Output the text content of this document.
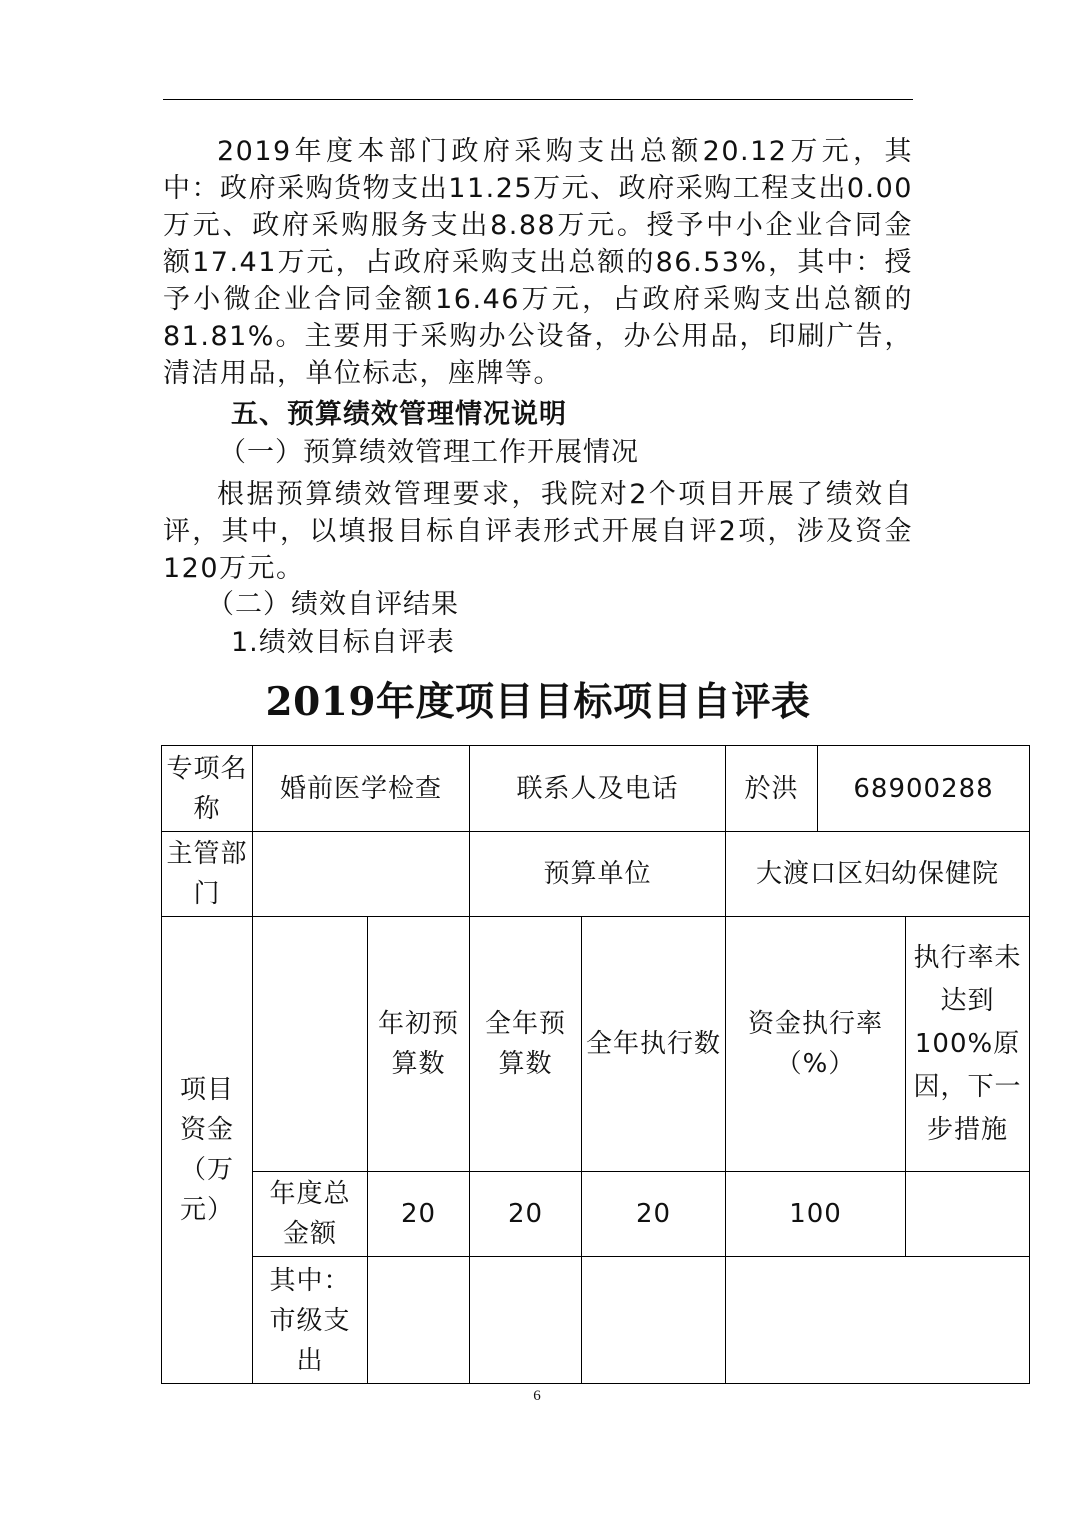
2019年度本部门政府采购支出总额20.12万元，其中：政府采购货物支出11.25万元、政府采购工程支出0.00万元、政府采购服务支出8.88万元。授予中小企业合同金额17.41万元，占政府采购支出总额的86.53%，其中：授予小微企业合同金额16.46万元，占政府采购支出总额的81.81%。主要用于采购办公设备，办公用品，印刷广告，清洁用品，单位标志，座牌等。

五、预算绩效管理情况说明
（一）预算绩效管理工作开展情况

根据预算绩效管理要求，我院对2个项目开展了绩效自评，其中，以填报目标自评表形式开展自评2项，涉及资金120万元。

（二）绩效自评结果
1.绩效目标自评表
2019年度项目目标项目自评表
专项名称	婚前医学检查		联系人及电话		於洪	68900288	
主管部门			预算单位		大渡口区妇幼保健院		
项目资金（万元）		年初预算数	全年预算数	全年执行数	资金执行率（%）		执行率未达到100%原因，下一步措施
	年度总金额	20	20	20	100		
	其中：市级支出						
6
